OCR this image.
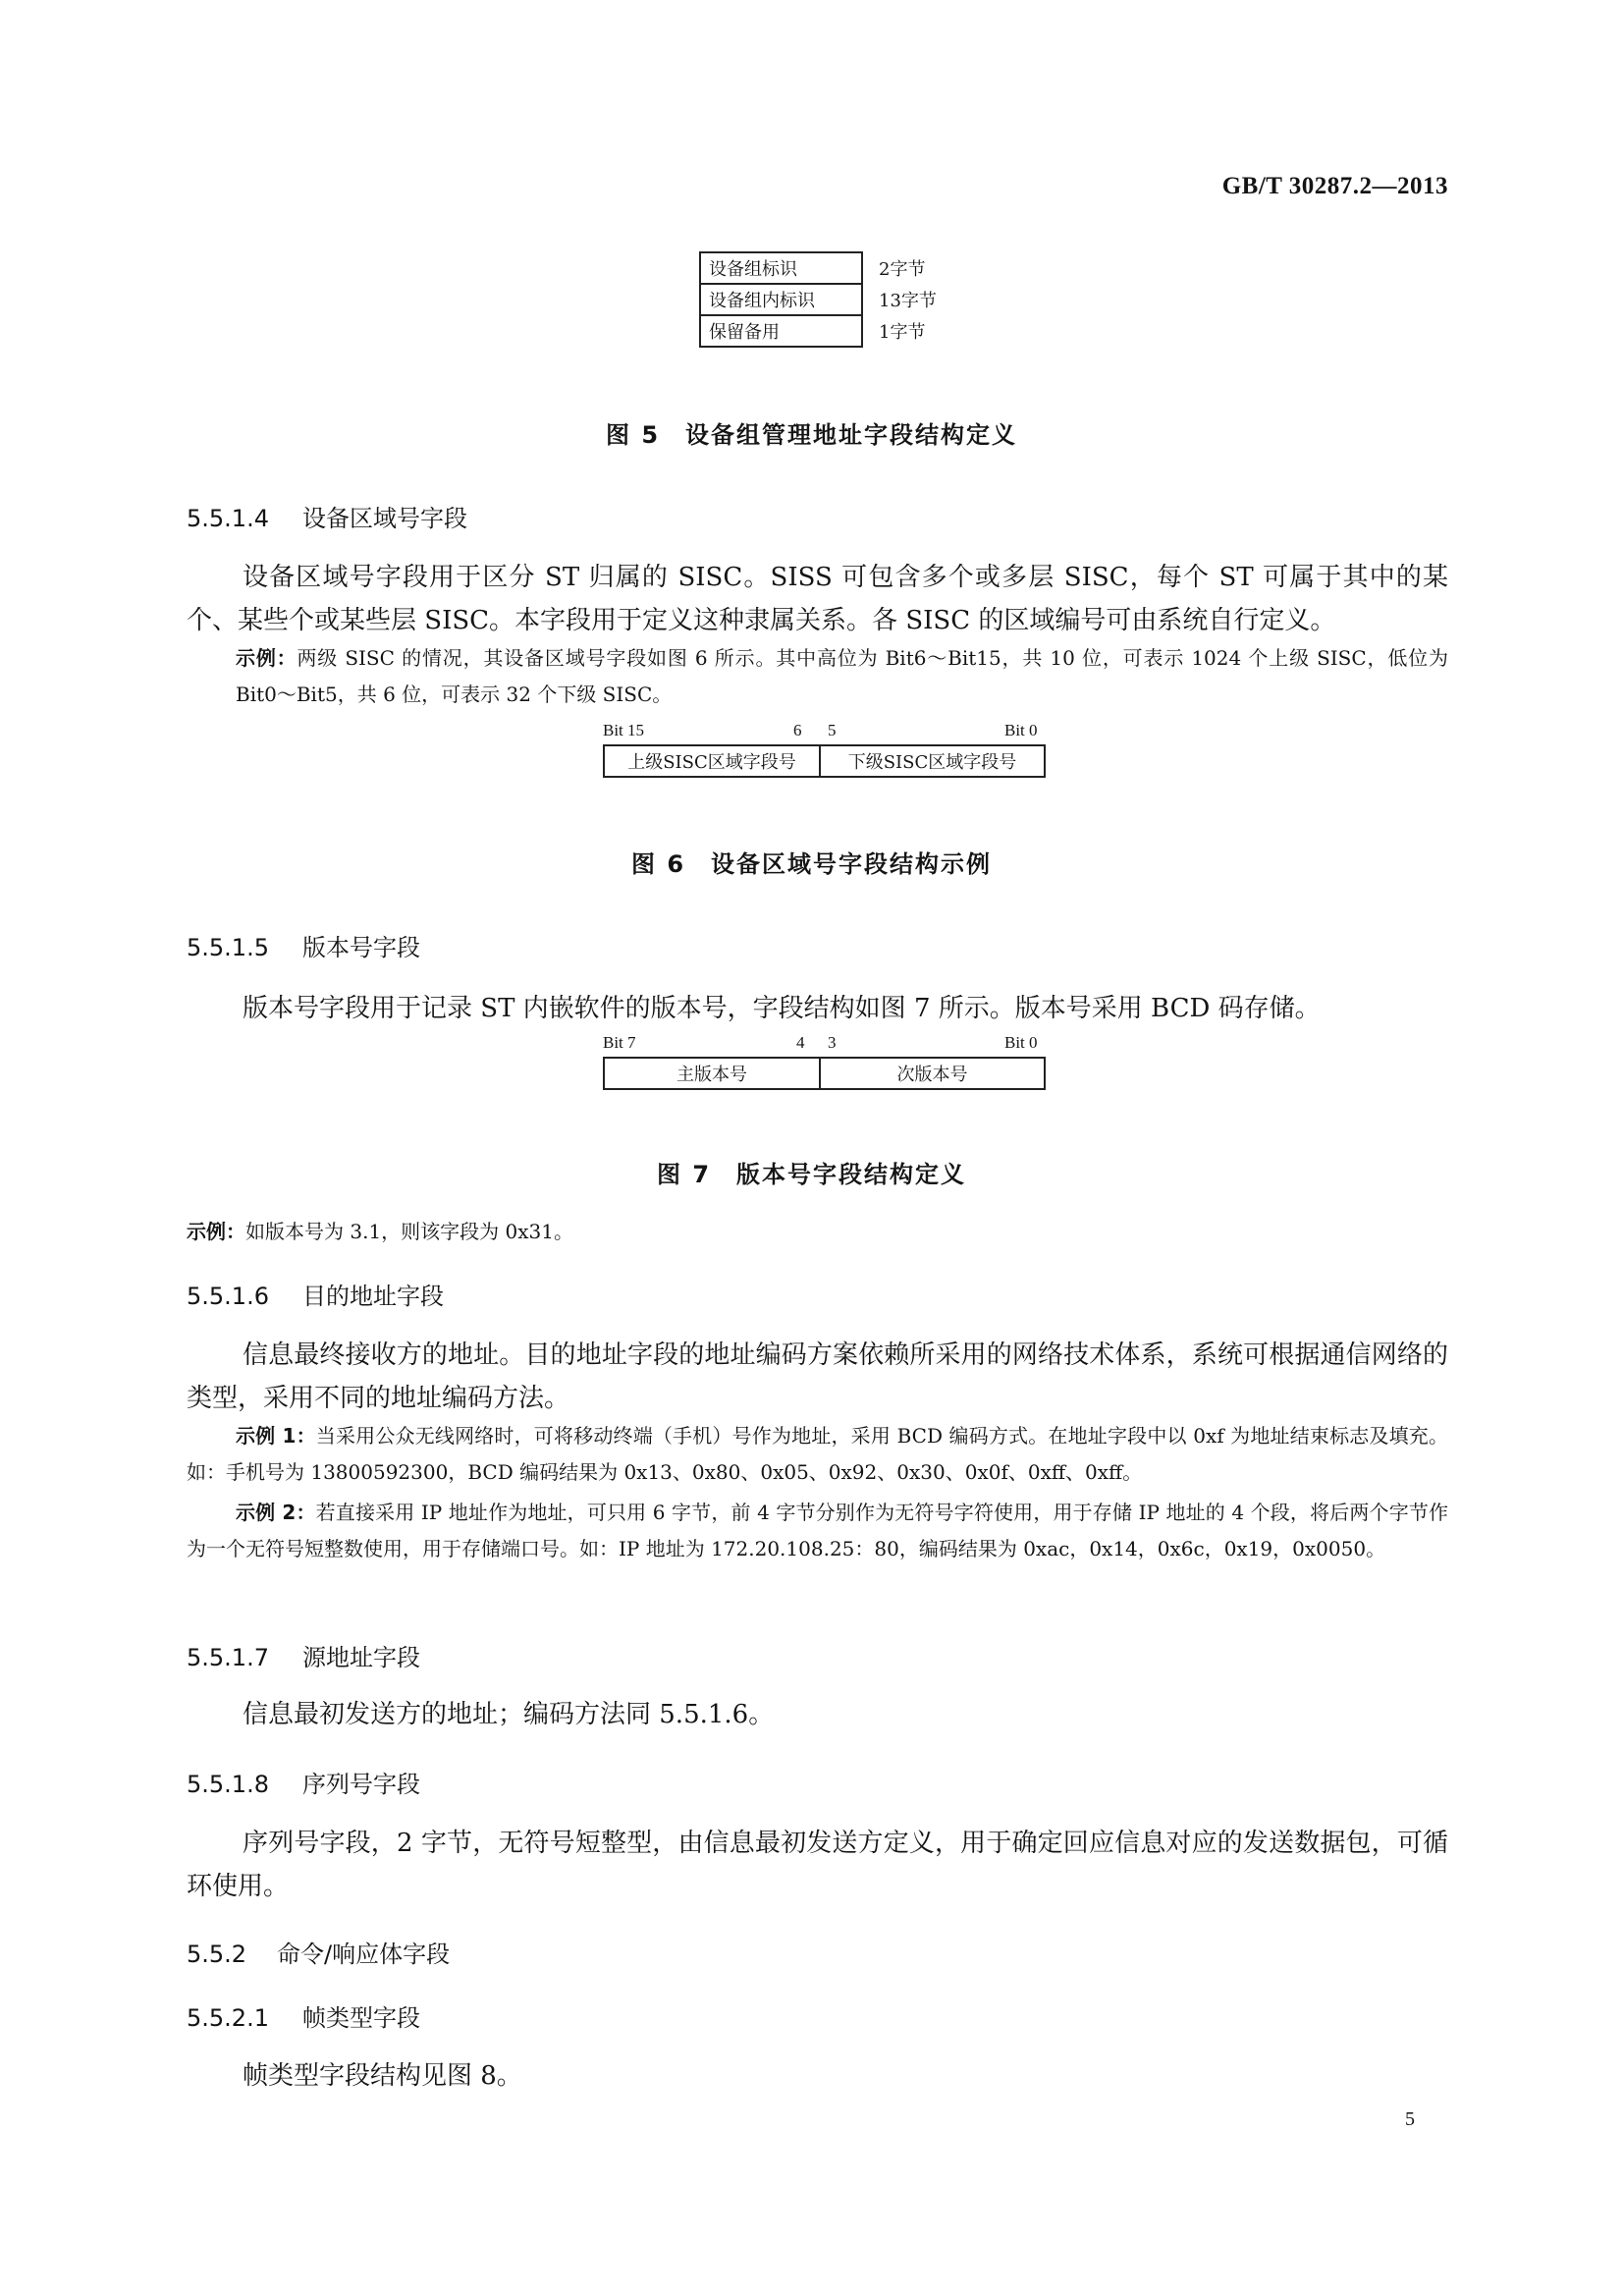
GB/T 30287.2—2013
设备组标识	2字节
设备组内标识	13字节
保留备用	1字节
图 5　设备组管理地址字段结构定义
5.5.1.4 设备区域号字段
设备区域号字段用于区分 ST 归属的 SISC。SISS 可包含多个或多层 SISC，每个 ST 可属于其中的某个、某些个或某些层 SISC。本字段用于定义这种隶属关系。各 SISC 的区域编号可由系统自行定义。
示例：两级 SISC 的情况，其设备区域号字段如图 6 所示。其中高位为 Bit6～Bit15，共 10 位，可表示 1024 个上级 SISC，低位为 Bit0～Bit5，共 6 位，可表示 32 个下级 SISC。
Bit 15	6 5	Bit 0
上级SISC区域字段号	下级SISC区域字段号
图 6　设备区域号字段结构示例
5.5.1.5 版本号字段
版本号字段用于记录 ST 内嵌软件的版本号，字段结构如图 7 所示。版本号采用 BCD 码存储。
Bit 7	4 3	Bit 0
主版本号	次版本号
图 7　版本号字段结构定义
示例：如版本号为 3.1，则该字段为 0x31。
5.5.1.6 目的地址字段
信息最终接收方的地址。目的地址字段的地址编码方案依赖所采用的网络技术体系，系统可根据通信网络的类型，采用不同的地址编码方法。
示例 1：当采用公众无线网络时，可将移动终端（手机）号作为地址，采用 BCD 编码方式。在地址字段中以 0xf 为地址结束标志及填充。如：手机号为 13800592300，BCD 编码结果为 0x13、0x80、0x05、0x92、0x30、0x0f、0xff、0xff。
示例 2：若直接采用 IP 地址作为地址，可只用 6 字节，前 4 字节分别作为无符号字符使用，用于存储 IP 地址的 4 个段，将后两个字节作为一个无符号短整数使用，用于存储端口号。如：IP 地址为 172.20.108.25：80，编码结果为 0xac，0x14，0x6c，0x19，0x0050。
5.5.1.7 源地址字段
信息最初发送方的地址；编码方法同 5.5.1.6。
5.5.1.8 序列号字段
序列号字段，2 字节，无符号短整型，由信息最初发送方定义，用于确定回应信息对应的发送数据包，可循环使用。
5.5.2 命令/响应体字段
5.5.2.1 帧类型字段
帧类型字段结构见图 8。
5
